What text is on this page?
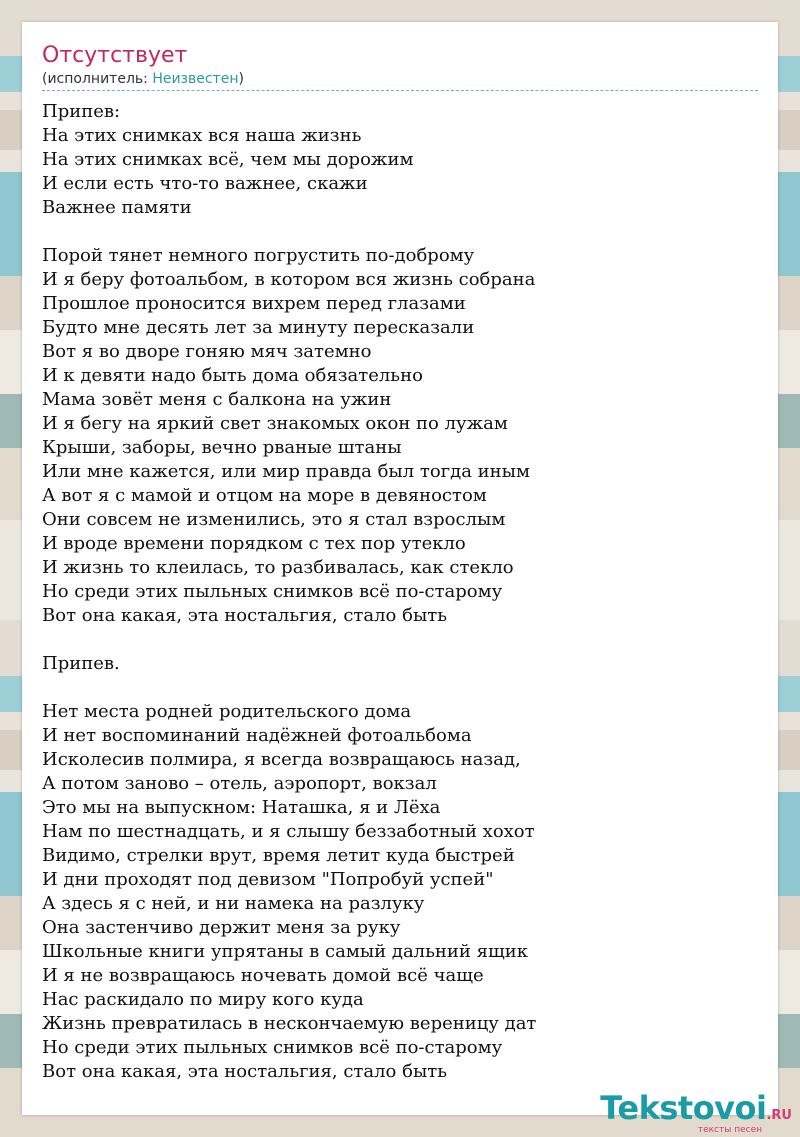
Отсутствует
(исполнитель: Неизвестен)
Припев:
На этих снимках вся наша жизнь
На этих снимках всё, чем мы дорожим
И если есть что-то важнее, скажи
Важнее памяти
Порой тянет немного погрустить по-доброму
И я беру фотоальбом, в котором вся жизнь собрана
Прошлое проносится вихрем перед глазами
Будто мне десять лет за минуту пересказали
Вот я во дворе гоняю мяч затемно
И к девяти надо быть дома обязательно
Мама зовёт меня с балкона на ужин
И я бегу на яркий свет знакомых окон по лужам
Крыши, заборы, вечно рваные штаны
Или мне кажется, или мир правда был тогда иным
А вот я с мамой и отцом на море в девяностом
Они совсем не изменились, это я стал взрослым
И вроде времени порядком с тех пор утекло
И жизнь то клеилась, то разбивалась, как стекло
Но среди этих пыльных снимков всё по-старому
Вот она какая, эта ностальгия, стало быть
Припев.
Нет места родней родительского дома
И нет воспоминаний надёжней фотоальбома
Исколесив полмира, я всегда возвращаюсь назад,
А потом заново – отель, аэропорт, вокзал
Это мы на выпускном: Наташка, я и Лёха
Нам по шестнадцать, и я слышу беззаботный хохот
Видимо, стрелки врут, время летит куда быстрей
И дни проходят под девизом "Попробуй успей"
А здесь я с ней, и ни намека на разлуку
Она застенчиво держит меня за руку
Школьные книги упрятаны в самый дальний ящик
И я не возвращаюсь ночевать домой всё чаще
Нас раскидало по миру кого куда
Жизнь превратилась в нескончаемую вереницу дат
Но среди этих пыльных снимков всё по-старому
Вот она какая, эта ностальгия, стало быть
Tekstovoi.RU
тексты песен
